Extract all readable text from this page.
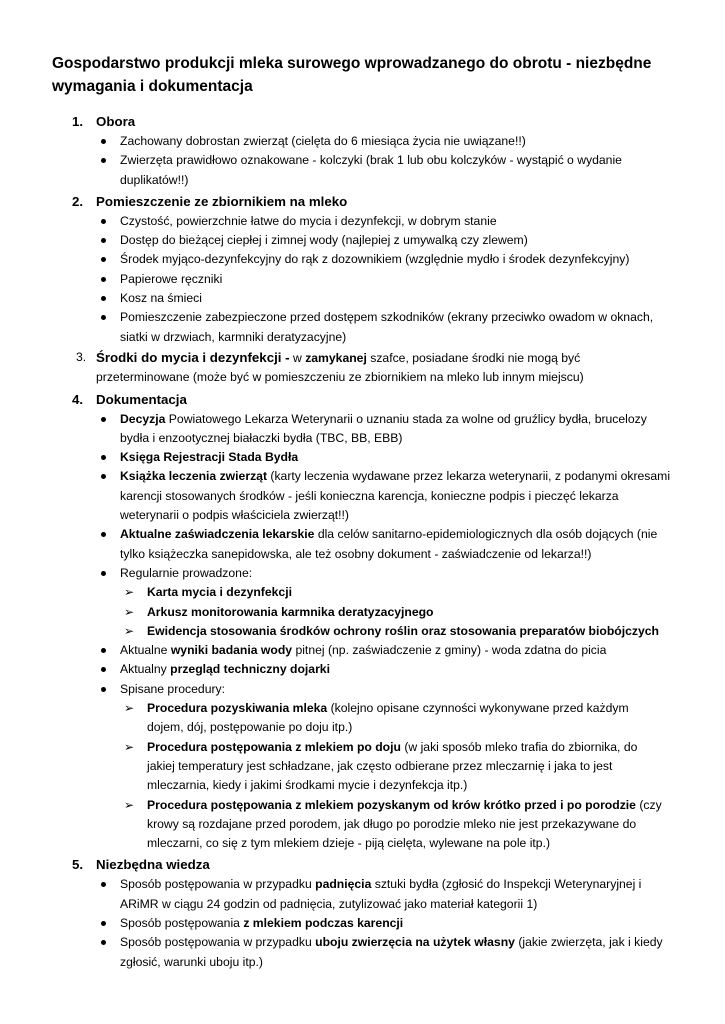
Gospodarstwo produkcji mleka surowego wprowadzanego do obrotu - niezbędne wymagania i dokumentacja
1. Obora
Zachowany dobrostan zwierząt (cielęta do 6 miesiąca życia nie uwiązane!!)
Zwierzęta prawidłowo oznakowane - kolczyki (brak 1 lub obu kolczyków - wystąpić o wydanie duplikatów!!)
2. Pomieszczenie ze zbiornikiem na mleko
Czystość, powierzchnie łatwe do mycia i dezynfekcji, w dobrym stanie
Dostęp do bieżącej ciepłej i zimnej wody (najlepiej z umywalką czy zlewem)
Środek myjąco-dezynfekcyjny do rąk z dozownikiem (względnie mydło i środek dezynfekcyjny)
Papierowe ręczniki
Kosz na śmieci
Pomieszczenie zabezpieczone przed dostępem szkodników (ekrany przeciwko owadom w oknach, siatki w drzwiach, karmniki deratyzacyjne)
3. Środki do mycia i dezynfekcji - w zamykanej szafce, posiadane środki nie mogą być przeterminowane (może być w pomieszczeniu ze zbiornikiem na mleko lub innym miejscu)
4. Dokumentacja
Decyzja Powiatowego Lekarza Weterynarii o uznaniu stada za wolne od gruźlicy bydła, brucelozy bydła i enzootycznej białaczki bydła (TBC, BB, EBB)
Księga Rejestracji Stada Bydła
Książka leczenia zwierząt (karty leczenia wydawane przez lekarza weterynarii, z podanymi okresami karencji stosowanych środków - jeśli konieczna karencja, konieczne podpis i pieczęć lekarza weterynarii o podpis właściciela zwierząt!!)
Aktualne zaświadczenia lekarskie dla celów sanitarno-epidemiologicznych dla osób dojących (nie tylko książeczka sanepidowska, ale też osobny dokument - zaświadczenie od lekarza!!)
Regularnie prowadzone:
➢ Karta mycia i dezynfekcji
➢ Arkusz monitorowania karmnika deratyzacyjnego
➢ Ewidencja stosowania środków ochrony roślin oraz stosowania preparatów biobójczych
Aktualne wyniki badania wody pitnej (np. zaświadczenie z gminy) - woda zdatna do picia
Aktualny przegląd techniczny dojarki
Spisane procedury:
➢ Procedura pozyskiwania mleka (kolejno opisane czynności wykonywane przed każdym dojem, dój, postępowanie po doju itp.)
➢ Procedura postępowania z mlekiem po doju (w jaki sposób mleko trafia do zbiornika, do jakiej temperatury jest schładzane, jak często odbierane przez mleczarnię i jaka to jest mleczarnia, kiedy i jakimi środkami mycie i dezynfekcja itp.)
➢ Procedura postępowania z mlekiem pozyskanym od krów krótko przed i po porodzie (czy krowy są rozdajane przed porodem, jak długo po porodzie mleko nie jest przekazywane do mleczarni, co się z tym mlekiem dzieje - piją cielęta, wylewane na pole itp.)
5. Niezbędna wiedza
Sposób postępowania w przypadku padnięcia sztuki bydła (zgłosić do Inspekcji Weterynaryjnej i ARiMR w ciągu 24 godzin od padnięcia, zutylizować jako materiał kategorii 1)
Sposób postępowania z mlekiem podczas karencji
Sposób postępowania w przypadku uboju zwierzęcia na użytek własny (jakie zwierzęta, jak i kiedy zgłosić, warunki uboju itp.)
